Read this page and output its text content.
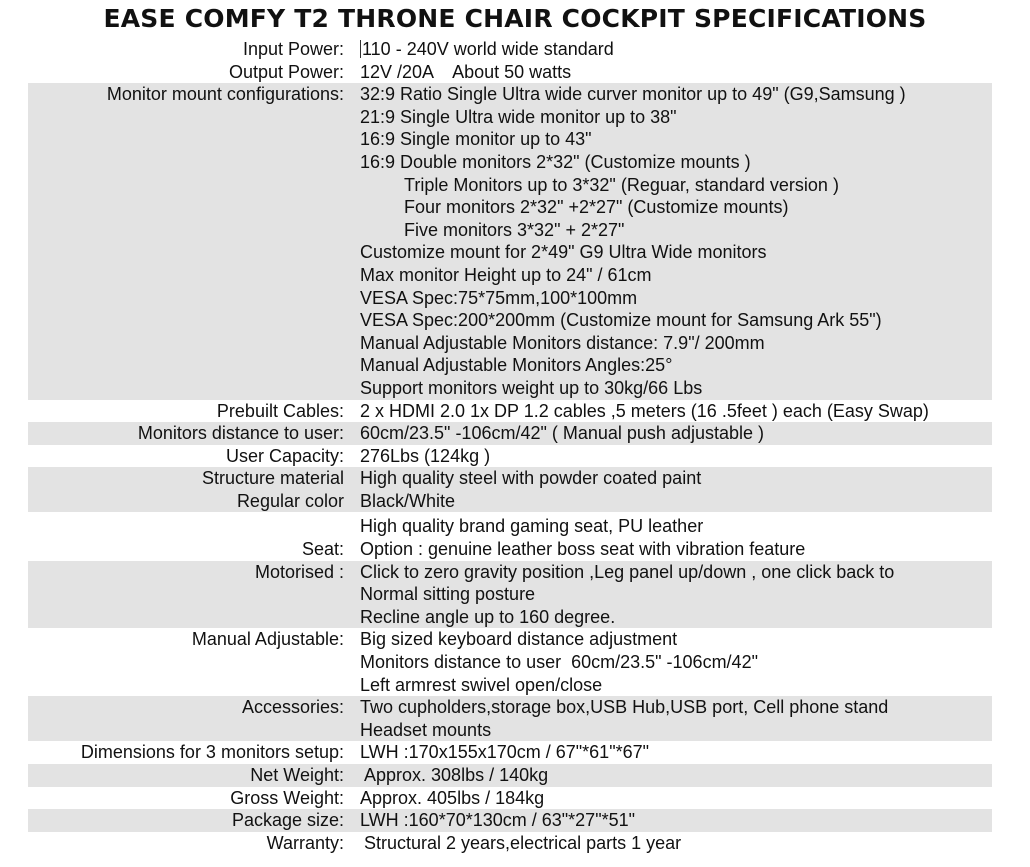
EASE COMFY T2 THRONE CHAIR COCKPIT SPECIFICATIONS
Input Power: 110 - 240V world wide standard
Output Power: 12V /20A    About 50 watts
Monitor mount configurations: 32:9 Ratio Single Ultra wide curver monitor up to 49" (G9,Samsung )
21:9 Single Ultra wide monitor up to 38"
16:9 Single monitor up to 43"
16:9 Double monitors 2*32" (Customize mounts )
Triple Monitors up to 3*32" (Reguar, standard version )
Four monitors 2*32" +2*27" (Customize mounts)
Five monitors 3*32" + 2*27"
Customize mount for 2*49" G9 Ultra Wide monitors
Max monitor Height up to 24" / 61cm
VESA Spec:75*75mm,100*100mm
VESA Spec:200*200mm (Customize mount for Samsung Ark 55")
Manual Adjustable Monitors distance: 7.9"/ 200mm
Manual Adjustable Monitors Angles:25°
Support monitors weight up to 30kg/66 Lbs
Prebuilt Cables: 2 x HDMI 2.0 1x DP 1.2 cables ,5 meters (16 .5feet ) each (Easy Swap)
Monitors distance to user: 60cm/23.5" -106cm/42" ( Manual push adjustable )
User Capacity: 276Lbs (124kg )
Structure material High quality steel with powder coated paint
Regular color Black/White
High quality brand gaming seat, PU leather
Seat: Option : genuine leather boss seat with vibration feature
Motorised : Click to zero gravity position ,Leg panel up/down , one click back to
Normal sitting posture
Recline angle up to 160 degree.
Manual Adjustable: Big sized keyboard distance adjustment
Monitors distance to user  60cm/23.5" -106cm/42"
Left armrest swivel open/close
Accessories: Two cupholders,storage box,USB Hub,USB port, Cell phone stand
Headset mounts
Dimensions for 3 monitors setup: LWH :170x155x170cm / 67"*61"*67"
Net Weight: Approx. 308lbs / 140kg
Gross Weight: Approx. 405lbs / 184kg
Package size: LWH :160*70*130cm / 63"*27"*51"
Warranty: Structural 2 years,electrical parts 1 year
